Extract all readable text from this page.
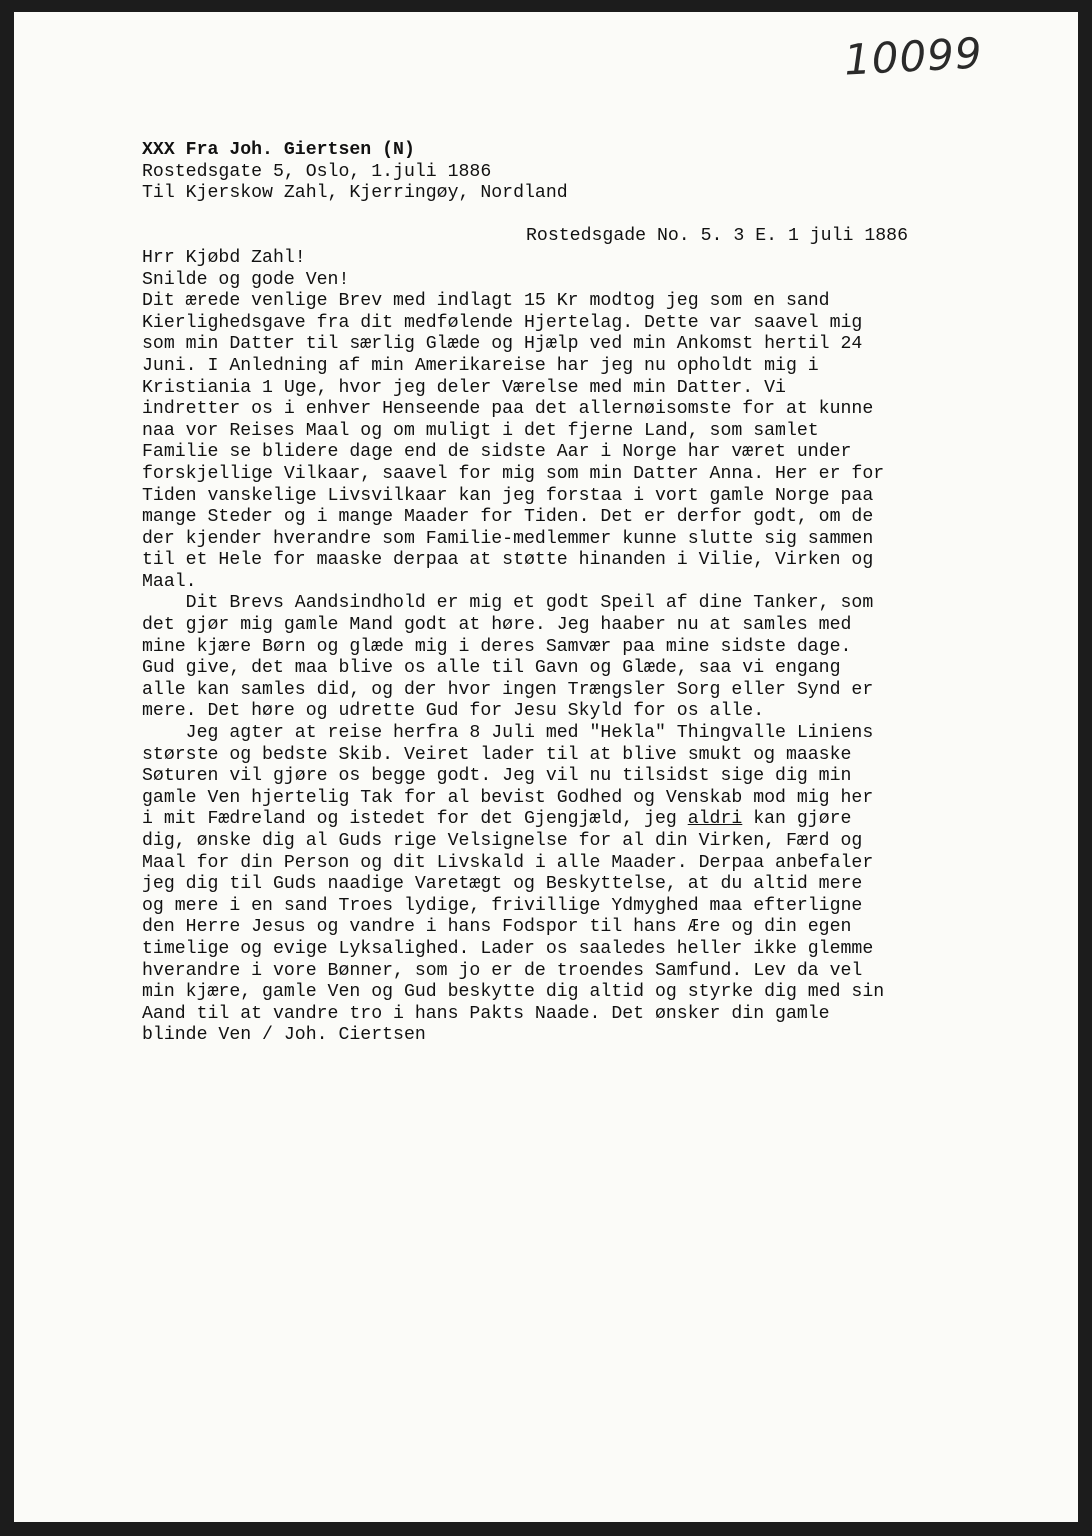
10099
XXX Fra Joh. Giertsen (N)
Rostedsgate 5, Oslo, 1.juli 1886
Til Kjerskow Zahl, Kjerringøy, Nordland
Rostedsgade No. 5. 3 E. 1 juli 1886
Hrr Kjøbd Zahl!
Snilde og gode Ven!
Dit ærede venlige Brev med indlagt 15 Kr modtog jeg som en sand
Kierlighedsgave fra dit medfølende Hjertelag. Dette var saavel mig
som min Datter til særlig Glæde og Hjælp ved min Ankomst hertil 24
Juni. I Anledning af min Amerikareise har jeg nu opholdt mig i
Kristiania 1 Uge, hvor jeg deler Værelse med min Datter. Vi
indretter os i enhver Henseende paa det allernøisomste for at kunne
naa vor Reises Maal og om muligt i det fjerne Land, som samlet
Familie se blidere dage end de sidste Aar i Norge har været under
forskjellige Vilkaar, saavel for mig som min Datter Anna. Her er for
Tiden vanskelige Livsvilkaar kan jeg forstaa i vort gamle Norge paa
mange Steder og i mange Maader for Tiden. Det er derfor godt, om de
der kjender hverandre som Familie-medlemmer kunne slutte sig sammen
til et Hele for maaske derpaa at støtte hinanden i Vilie, Virken og
Maal.
Dit Brevs Aandsindhold er mig et godt Speil af dine Tanker, som
det gjør mig gamle Mand godt at høre. Jeg haaber nu at samles med
mine kjære Børn og glæde mig i deres Samvær paa mine sidste dage.
Gud give, det maa blive os alle til Gavn og Glæde, saa vi engang
alle kan samles did, og der hvor ingen Trængsler Sorg eller Synd er
mere. Det høre og udrette Gud for Jesu Skyld for os alle.
Jeg agter at reise herfra 8 Juli med "Hekla" Thingvalle Liniens
største og bedste Skib. Veiret lader til at blive smukt og maaske
Søturen vil gjøre os begge godt. Jeg vil nu tilsidst sige dig min
gamle Ven hjertelig Tak for al bevist Godhed og Venskab mod mig her
i mit Fædreland og istedet for det Gjengjæld, jeg aldri kan gjøre
dig, ønske dig al Guds rige Velsignelse for al din Virken, Færd og
Maal for din Person og dit Livskald i alle Maader. Derpaa anbefaler
jeg dig til Guds naadige Varetægt og Beskyttelse, at du altid mere
og mere i en sand Troes lydige, frivillige Ydmyghed maa efterligne
den Herre Jesus og vandre i hans Fodspor til hans Ære og din egen
timelige og evige Lyksalighed. Lader os saaledes heller ikke glemme
hverandre i vore Bønner, som jo er de troendes Samfund. Lev da vel
min kjære, gamle Ven og Gud beskytte dig altid og styrke dig med sin
Aand til at vandre tro i hans Pakts Naade. Det ønsker din gamle
blinde Ven / Joh. Ciertsen
